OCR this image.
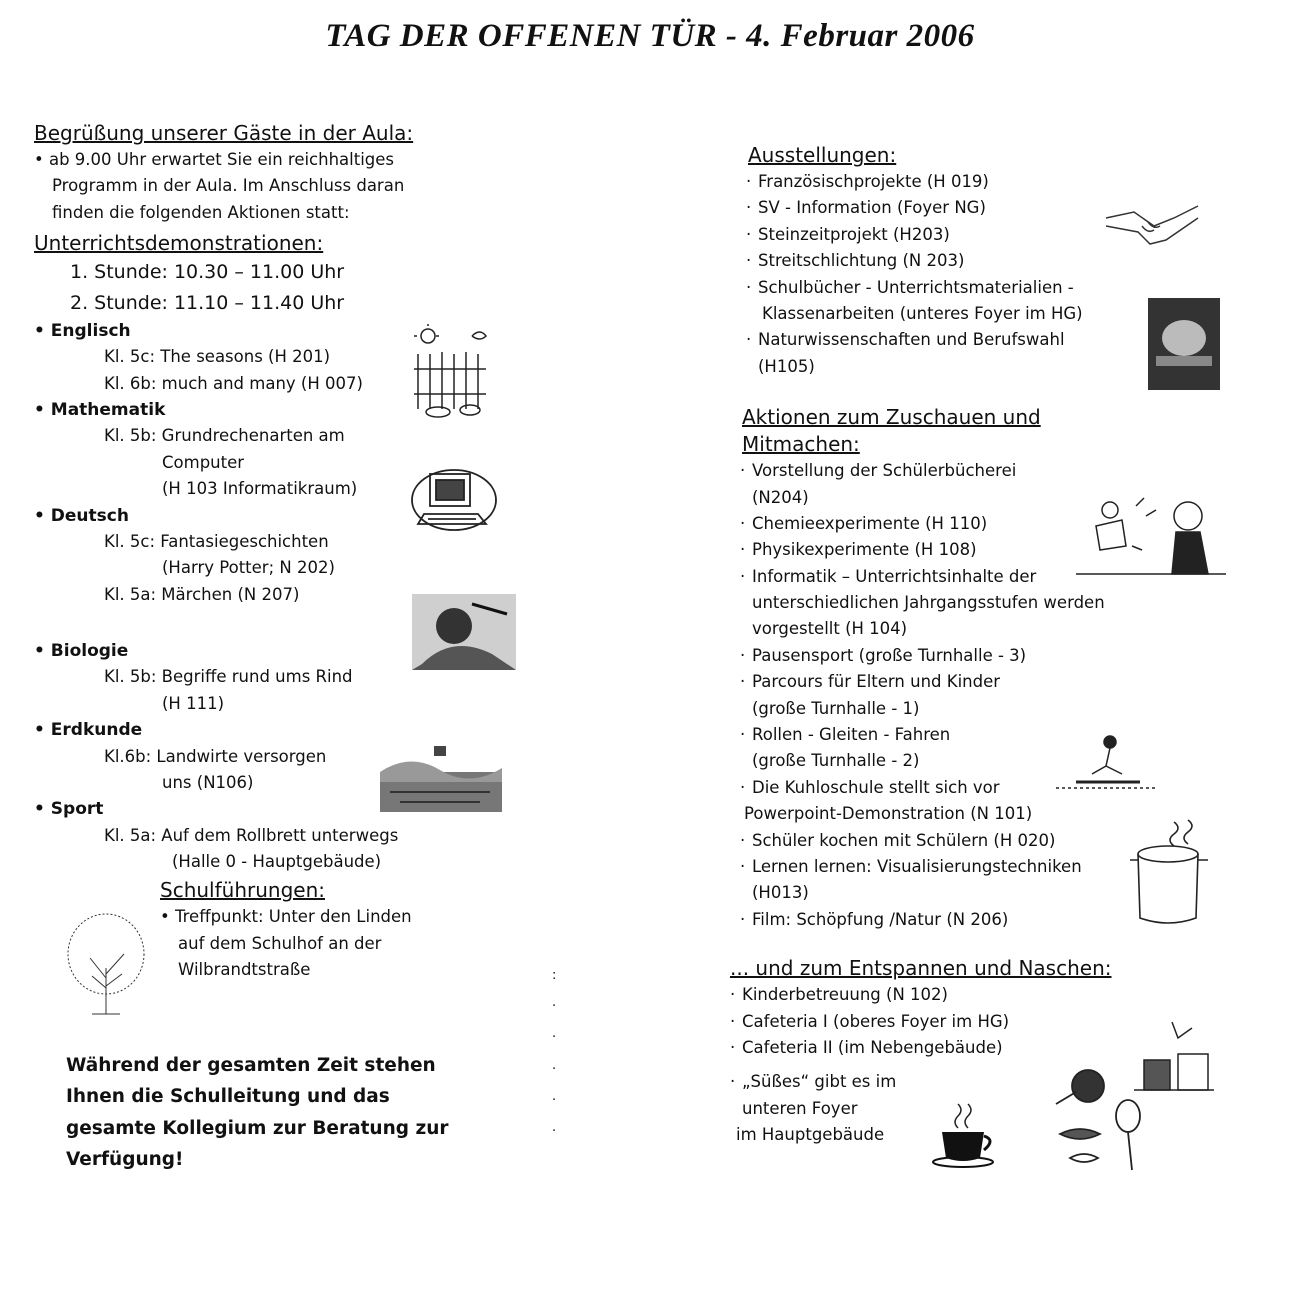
TAG DER OFFENEN TÜR - 4. Februar 2006

Begrüßung unserer Gäste in der Aula:

• ab 9.00 Uhr erwartet Sie ein reichhaltiges

Programm in der Aula. Im Anschluss daran

finden die folgenden Aktionen statt:

Unterrichtsdemonstrationen:

1. Stunde: 10.30 – 11.00 Uhr

2. Stunde: 11.10 – 11.40 Uhr

• Englisch

Kl. 5c: The seasons (H 201)

Kl. 6b: much and many (H 007)

• Mathematik

Kl. 5b: Grundrechenarten am

Computer

(H 103 Informatikraum)

• Deutsch

Kl. 5c: Fantasiegeschichten

(Harry Potter; N 202)

Kl. 5a: Märchen (N 207)

• Biologie

Kl. 5b: Begriffe rund ums Rind

(H 111)

• Erdkunde

Kl.6b: Landwirte versorgen

uns (N106)

• Sport

Kl. 5a: Auf dem Rollbrett unterwegs

(Halle 0 - Hauptgebäude)

Schulführungen:

• Treffpunkt: Unter den Linden

auf dem Schulhof an der

Wilbrandtstraße

Während der gesamten Zeit stehen Ihnen die Schulleitung und das gesamte Kollegium zur Beratung zur Verfügung!
:
·
·
·
·
·

Ausstellungen:

· Französischprojekte (H 019)

· SV - Information (Foyer NG)

· Steinzeitprojekt (H203)

· Streitschlichtung (N 203)

· Schulbücher - Unterrichtsmaterialien -

Klassenarbeiten (unteres Foyer im HG)

· Naturwissenschaften und Berufswahl

(H105)

Aktionen zum Zuschauen und

Mitmachen:

· Vorstellung der Schülerbücherei

(N204)

· Chemieexperimente (H 110)

· Physikexperimente (H 108)

· Informatik – Unterrichtsinhalte der

unterschiedlichen Jahrgangsstufen werden

vorgestellt (H 104)

· Pausensport (große Turnhalle - 3)

· Parcours für Eltern und Kinder

(große Turnhalle - 1)

· Rollen - Gleiten - Fahren

(große Turnhalle - 2)

· Die Kuhloschule stellt sich vor

Powerpoint-Demonstration (N 101)

· Schüler kochen mit Schülern (H 020)

· Lernen lernen: Visualisierungstechniken

(H013)

· Film: Schöpfung /Natur (N 206)

... und zum Entspannen und Naschen:

· Kinderbetreuung (N 102)

· Cafeteria I (oberes Foyer im HG)

· Cafeteria II (im Nebengebäude)

· „Süßes“ gibt es im

unteren Foyer

im Hauptgebäude
